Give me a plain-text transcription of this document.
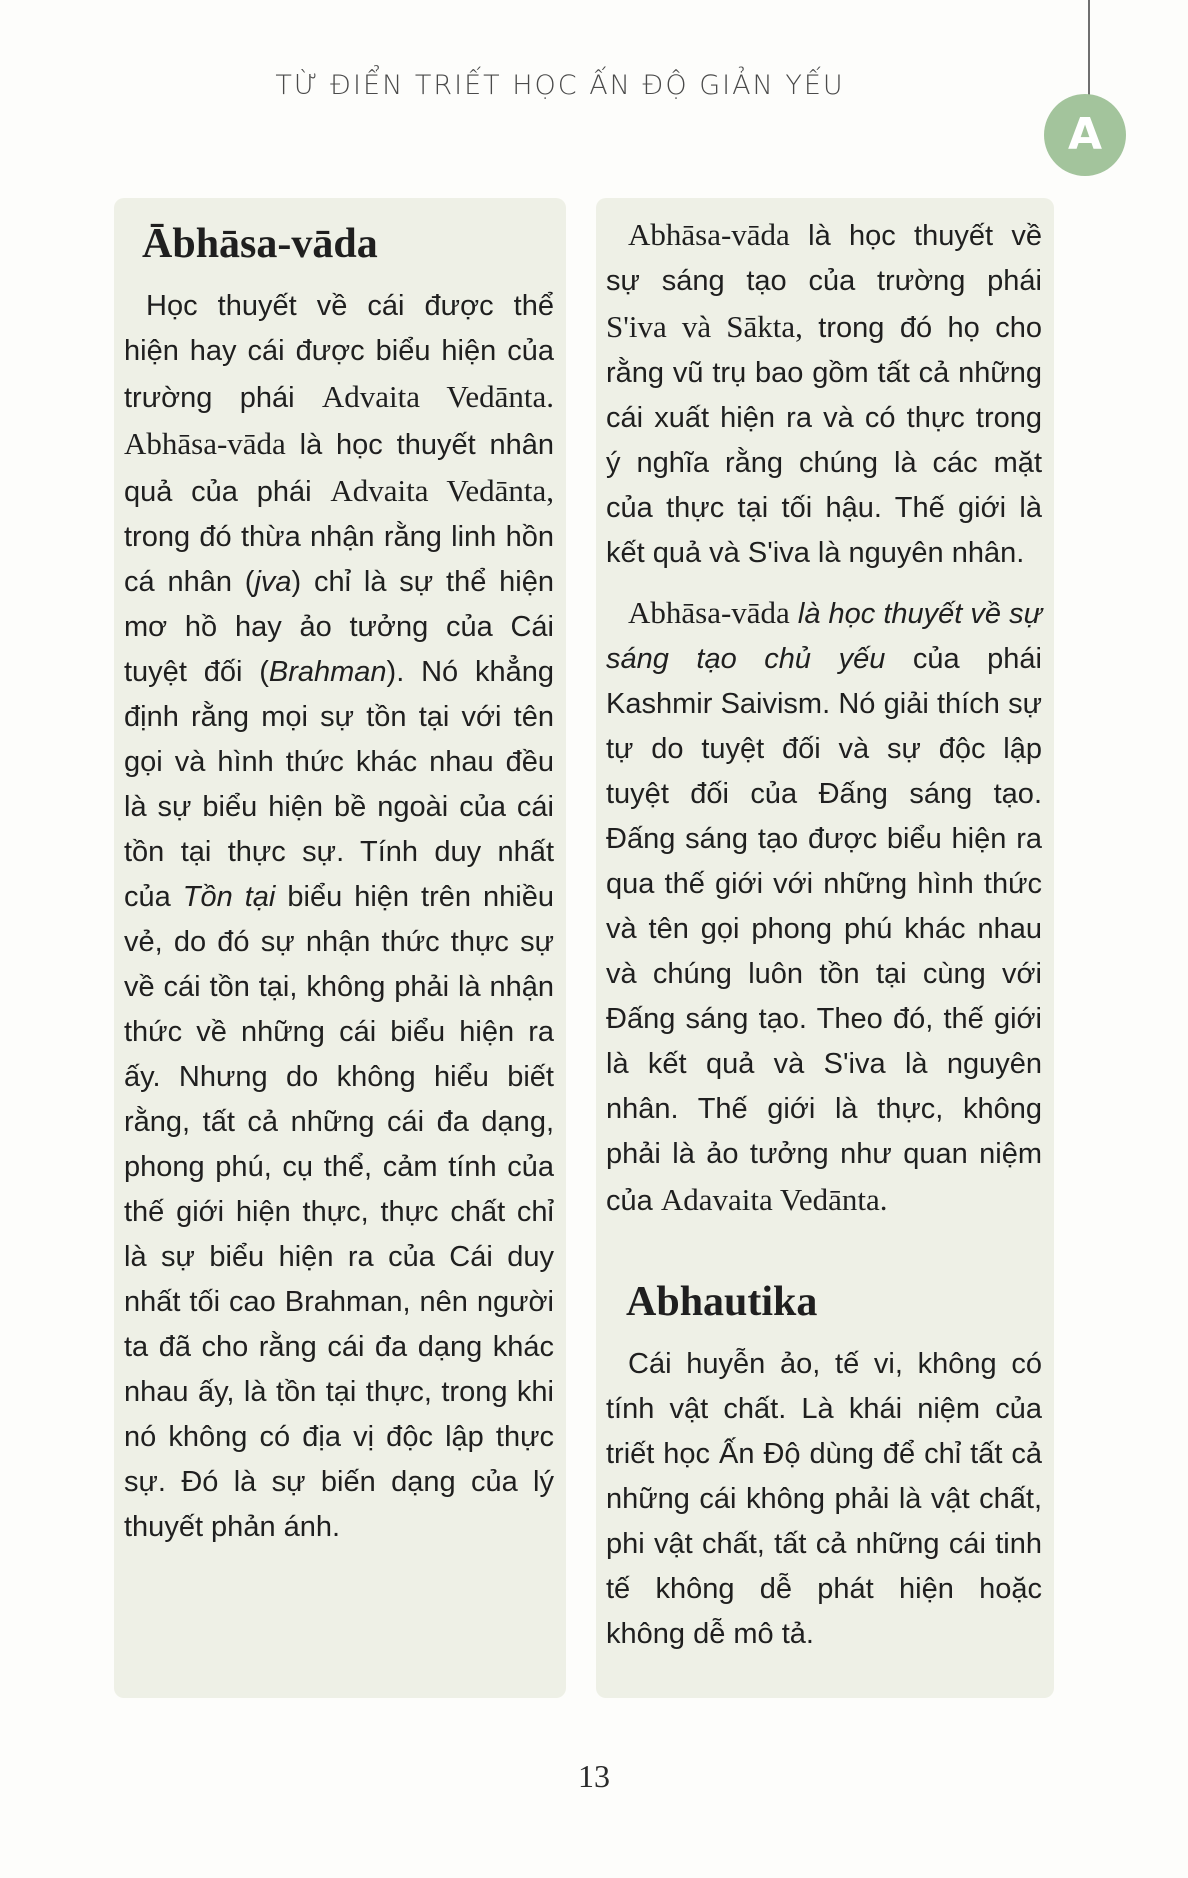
TỪ ĐIỂN TRIẾT HỌC ẤN ĐỘ GIẢN YẾU
A
Ābhāsa-vāda

Học thuyết về cái được thể hiện hay cái được biểu hiện của trường phái Advaita Vedānta. Abhāsa-vāda là học thuyết nhân quả của phái Advaita Vedānta, trong đó thừa nhận rằng linh hồn cá nhân (jva) chỉ là sự thể hiện mơ hồ hay ảo tưởng của Cái tuyệt đối (Brahman). Nó khẳng định rằng mọi sự tồn tại với tên gọi và hình thức khác nhau đều là sự biểu hiện bề ngoài của cái tồn tại thực sự. Tính duy nhất của Tồn tại biểu hiện trên nhiều vẻ, do đó sự nhận thức thực sự về cái tồn tại, không phải là nhận thức về những cái biểu hiện ra ấy. Nhưng do không hiểu biết rằng, tất cả những cái đa dạng, phong phú, cụ thể, cảm tính của thế giới hiện thực, thực chất chỉ là sự biểu hiện ra của Cái duy nhất tối cao Brahman, nên người ta đã cho rằng cái đa dạng khác nhau ấy, là tồn tại thực, trong khi nó không có địa vị độc lập thực sự. Đó là sự biến dạng của lý thuyết phản ánh.

Abhāsa-vāda là học thuyết về sự sáng tạo của trường phái S'iva và Sākta, trong đó họ cho rằng vũ trụ bao gồm tất cả những cái xuất hiện ra và có thực trong ý nghĩa rằng chúng là các mặt của thực tại tối hậu. Thế giới là kết quả và S'iva là nguyên nhân.

Abhāsa-vāda là học thuyết về sự sáng tạo chủ yếu của phái Kashmir Saivism. Nó giải thích sự tự do tuyệt đối và sự độc lập tuyệt đối của Đấng sáng tạo. Đấng sáng tạo được biểu hiện ra qua thế giới với những hình thức và tên gọi phong phú khác nhau và chúng luôn tồn tại cùng với Đấng sáng tạo. Theo đó, thế giới là kết quả và S'iva là nguyên nhân. Thế giới là thực, không phải là ảo tưởng như quan niệm của Adavaita Vedānta.

Abhautika

Cái huyễn ảo, tế vi, không có tính vật chất. Là khái niệm của triết học Ấn Độ dùng để chỉ tất cả những cái không phải là vật chất, phi vật chất, tất cả những cái tinh tế không dễ phát hiện hoặc không dễ mô tả.

13
